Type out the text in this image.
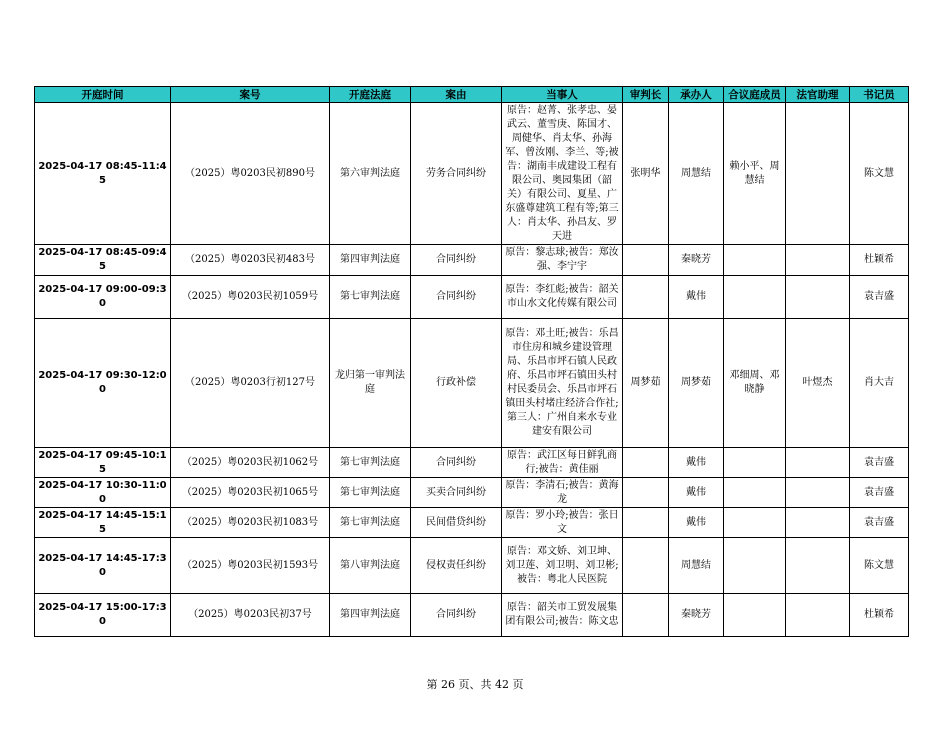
开庭时间	案号	开庭法庭	案由	当事人	审判长	承办人	合议庭成员	法官助理	书记员
2025-04-17 08:45-11:45	（2025）粤0203民初890号	第六审判法庭	劳务合同纠纷	原告：赵菁、张孝忠、晏武云、董雪庚、陈国才、周健华、肖太华、孙海军、曾汝刚、李兰、等;被告：湖南丰成建设工程有限公司、奥园集团（韶关）有限公司、夏星、广东盛尊建筑工程有等;第三人：肖太华、孙昌友、罗天进	张明华	周慧结	赖小平、周慧结		陈文慧
2025-04-17 08:45-09:45	（2025）粤0203民初483号	第四审判法庭	合同纠纷	原告：黎志球;被告：郑汝强、李宁宇		秦晓芳			杜颖希
2025-04-17 09:00-09:30	（2025）粤0203民初1059号	第七审判法庭	合同纠纷	原告：李红彪;被告：韶关市山水文化传媒有限公司		戴伟			袁吉盛
2025-04-17 09:30-12:00	（2025）粤0203行初127号	龙归第一审判法庭	行政补偿	原告：邓土旺;被告：乐昌市住房和城乡建设管理局、乐昌市坪石镇人民政府、乐昌市坪石镇田头村村民委员会、乐昌市坪石镇田头村堵庄经济合作社;第三人：广州自来水专业建安有限公司	周梦茹	周梦茹	邓细周、邓晓静	叶煜杰	肖大吉
2025-04-17 09:45-10:15	（2025）粤0203民初1062号	第七审判法庭	合同纠纷	原告：武江区每日鲜乳商行;被告：黄佳丽		戴伟			袁吉盛
2025-04-17 10:30-11:00	（2025）粤0203民初1065号	第七审判法庭	买卖合同纠纷	原告：李清石;被告：黄海龙		戴伟			袁吉盛
2025-04-17 14:45-15:15	（2025）粤0203民初1083号	第七审判法庭	民间借贷纠纷	原告：罗小玲;被告：张日文		戴伟			袁吉盛
2025-04-17 14:45-17:30	（2025）粤0203民初1593号	第八审判法庭	侵权责任纠纷	原告：邓文娇、刘卫坤、刘卫莲、刘卫明、刘卫彬;被告：粤北人民医院		周慧结			陈文慧
2025-04-17 15:00-17:30	（2025）粤0203民初37号	第四审判法庭	合同纠纷	原告：韶关市工贸发展集团有限公司;被告：陈文忠		秦晓芳			杜颖希
第 26 页、共 42 页
